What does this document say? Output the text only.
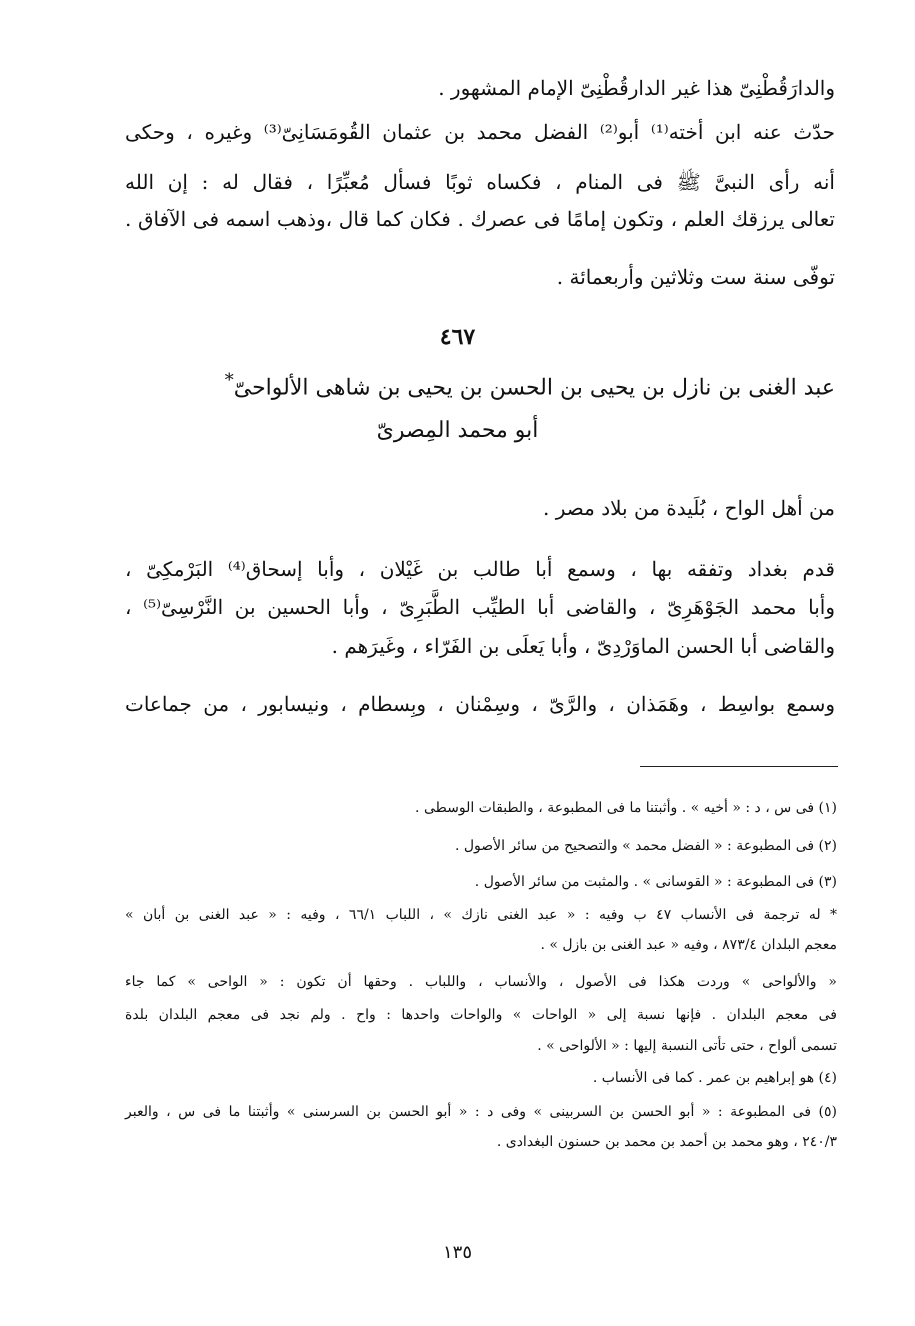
والدارَقُطْنِىّ هذا غير الدارقُطْنِىّ الإمام المشهور .
حدّث عنه ابن أخته⁽¹⁾ أبو⁽²⁾ الفضل محمد بن عثمان القُومَسَانِىّ⁽³⁾ وغيره ، وحكى
أنه رأى النبىَّ ﷺ فى المنام ، فكساه ثوبًا فسأل مُعبِّرًا ، فقال له : إن الله
تعالى يرزقك العلم ، وتكون إمامًا فى عصرك . فكان كما قال ،وذهب اسمه فى الآفاق .
توفّى سنة ست وثلاثين وأربعمائة .
٤٦٧
عبد الغنى بن نازل بن يحيى بن الحسن بن يحيى بن شاهى الألواحىّ*
أبو محمد المِصرىّ
من أهل الواح ، بُلَيدة من بلاد مصر .
قدم بغداد وتفقه بها ، وسمع أبا طالب بن غَيْلان ، وأبا إسحاق⁽⁴⁾ البَرْمكِىّ ،
وأبا محمد الجَوْهَرِىّ ، والقاضى أبا الطيِّب الطَّبَرِىّ ، وأبا الحسين بن النَّرْسِىّ⁽⁵⁾ ،
والقاضى أبا الحسن الماوَرْدِىّ ، وأبا يَعلَى بن الفَرّاء ، وغَيرَهم .
وسمع بواسِط ، وهَمَذان ، والرَّىّ ، وسِمْنان ، وبِسطام ، ونيسابور ، من جماعات
(١) فى س ، د : « أخيه » . وأثبتنا ما فى المطبوعة ، والطبقات الوسطى .
(٢) فى المطبوعة : « الفضل محمد » والتصحيح من سائر الأصول .
(٣) فى المطبوعة : « القوسانى » . والمثبت من سائر الأصول .
* له ترجمة فى الأنساب ٤٧ ب وفيه : « عبد الغنى نازك » ، اللباب ٦٦/١ ، وفيه : « عبد الغنى بن أبان »
معجم البلدان ٨٧٣/٤ ، وفيه « عبد الغنى بن بازل » .
« والألواحى » وردت هكذا فى الأصول ، والأنساب ، واللباب . وحقها أن تكون : « الواحى » كما جاء
فى معجم البلدان . فإنها نسبة إلى « الواحات » والواحات واحدها : واح . ولم نجد فى معجم البلدان بلدة
تسمى ألواح ، حتى تأتى النسبة إليها : « الألواحى » .
(٤) هو إبراهيم بن عمر . كما فى الأنساب .
(٥) فى المطبوعة : « أبو الحسن بن السربينى » وفى د : « أبو الحسن بن السرسنى » وأثبتنا ما فى س ، والعبر
٢٤٠/٣ ، وهو محمد بن أحمد بن محمد بن حسنون البغدادى .
١٣٥
